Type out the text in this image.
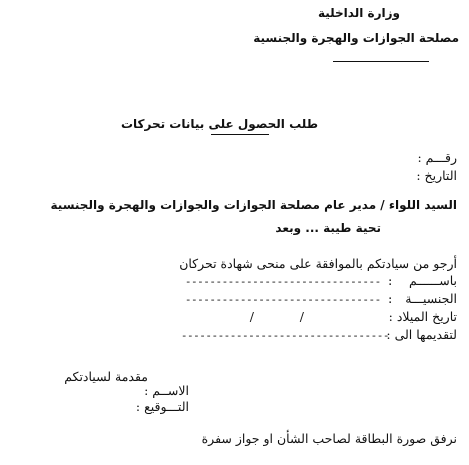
وزارة الداخلية
مصلحة الجوازات والهجرة والجنسية
طلب الحصول على بيانات تحركات
رقـــم :
التاريخ :
السيد اللواء / مدير عام مصلحة الجوازات والجوازات والهجرة والجنسية
تحية طيبة ... وبعد
أرجو من سيادتكم بالموافقة على منحى شهادة تحركان
باســــــم
: --------------------------------
الجنسيـــة
: --------------------------------
تاريخ الميلاد :
/
/
لتقديمها الى :
----------------------------------
مقدمة لسيادتكم
الاســم :
التـــوقيع :
نرفق صورة البطاقة لصاحب الشأن او جواز سفرة
